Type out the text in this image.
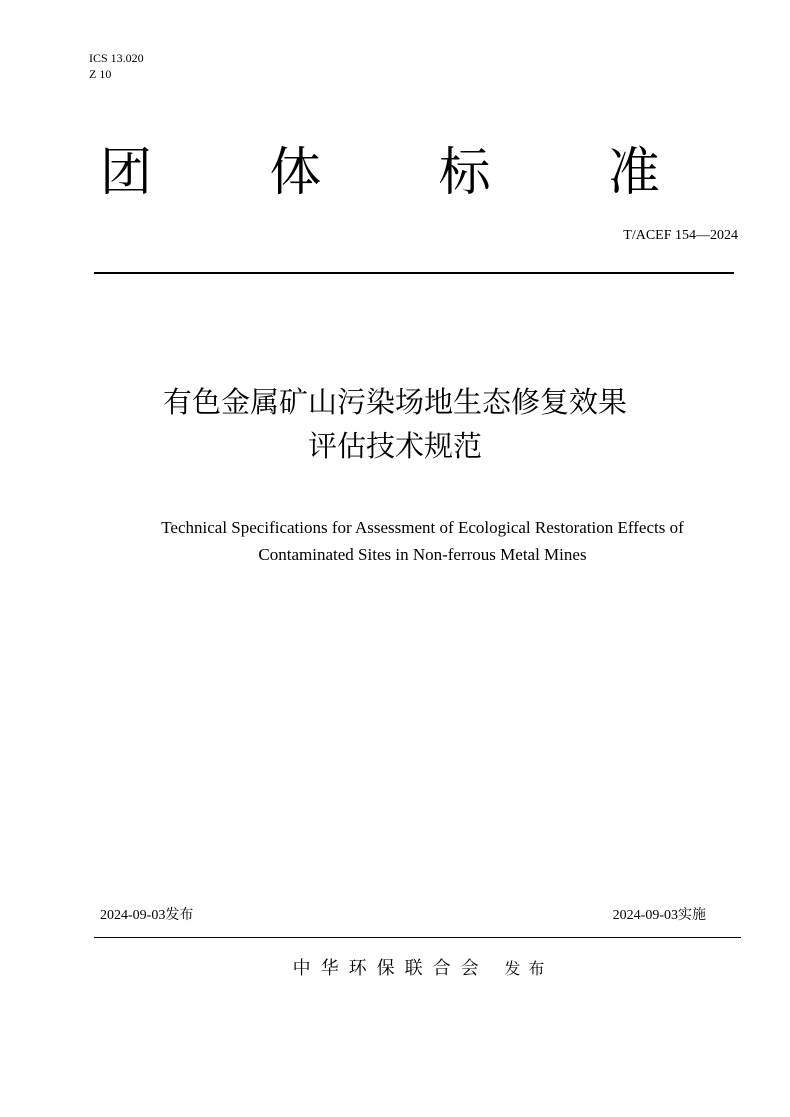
ICS 13.020
Z 10
团 体 标 准
T/ACEF 154—2024
有色金属矿山污染场地生态修复效果
评估技术规范
Technical Specifications for Assessment of Ecological Restoration Effects of
Contaminated Sites in Non-ferrous Metal Mines
2024-09-03发布	2024-09-03实施
中华环保联合会 发布
